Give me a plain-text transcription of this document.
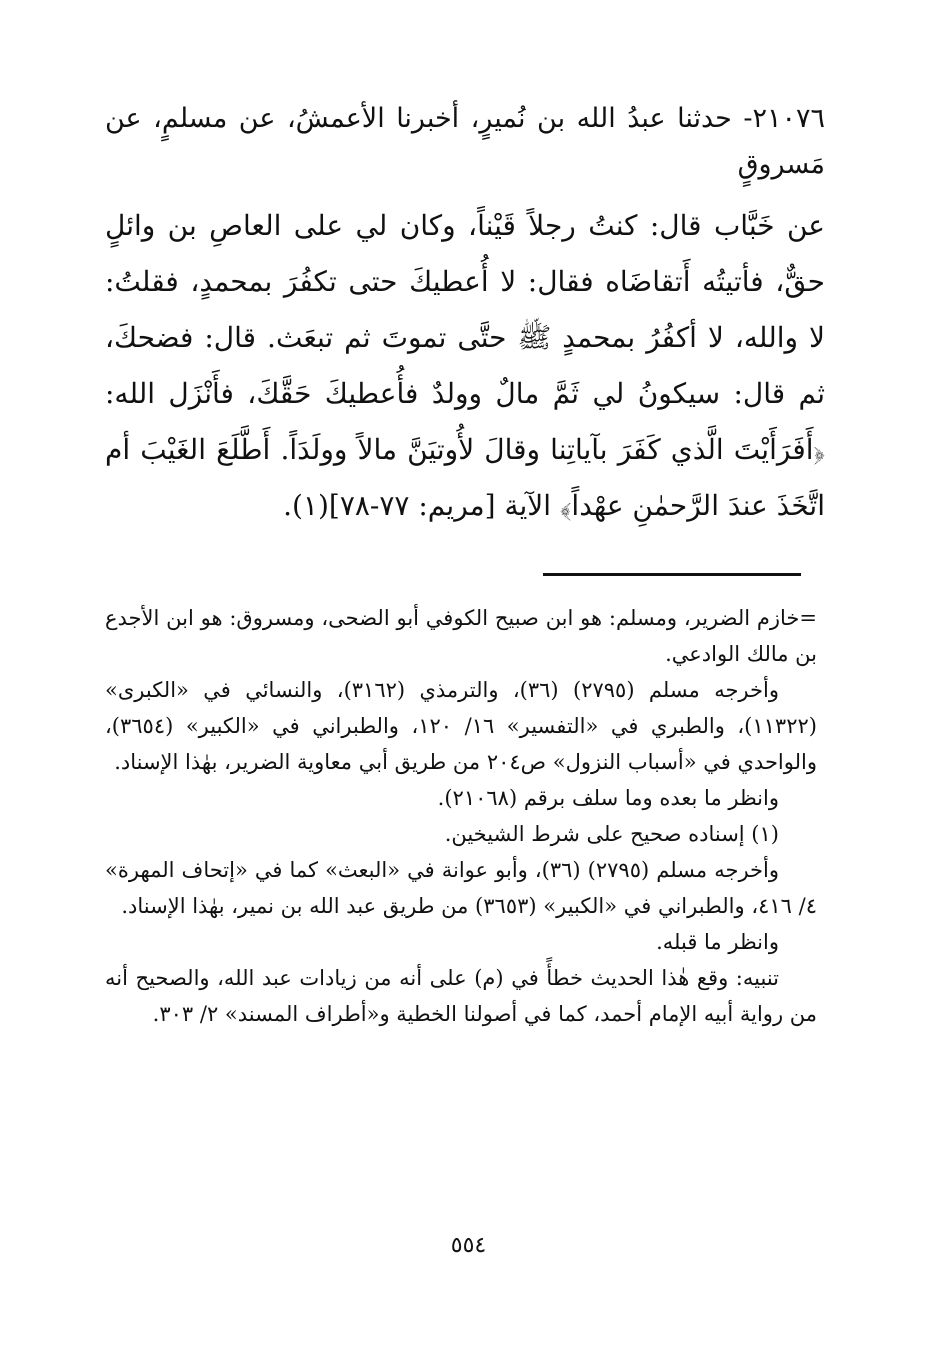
٢١٠٧٦- حدثنا عبدُ الله بن نُميرٍ، أخبرنا الأعمشُ، عن مسلمٍ، عن مَسروقٍ
عن خَبَّاب قال: كنتُ رجلاً قَيْناً، وكان لي على العاصِ بن وائلٍ حقٌّ، فأتيتُه أَتقاضَاه فقال: لا أُعطيكَ حتى تكفُرَ بمحمدٍ، فقلتُ: لا والله، لا أكفُرُ بمحمدٍ ﷺ حتَّى تموتَ ثم تبعَث. قال: فضحكَ، ثم قال: سيكونُ لي ثَمَّ مالٌ وولدٌ فأُعطيكَ حَقَّكَ، فأَنْزَل الله: ﴿أَفَرَأَيْتَ الَّذي كَفَرَ بآياتِنا وقالَ لأُوتيَنَّ مالاً وولَدَاً. أَطَّلَعَ الغَيْبَ أم اتَّخَذَ عندَ الرَّحمٰنِ عهْداً﴾ الآية [مريم: ٧٧-٧٨](١).

=خازم الضرير، ومسلم: هو ابن صبيح الكوفي أبو الضحى، ومسروق: هو ابن الأجدع بن مالك الوادعي.

وأخرجه مسلم (٢٧٩٥) (٣٦)، والترمذي (٣١٦٢)، والنسائي في «الكبرى» (١١٣٢٢)، والطبري في «التفسير» ١٦/ ١٢٠، والطبراني في «الكبير» (٣٦٥٤)، والواحدي في «أسباب النزول» ص٢٠٤ من طريق أبي معاوية الضرير، بهٰذا الإسناد.

وانظر ما بعده وما سلف برقم (٢١٠٦٨).

(١) إسناده صحيح على شرط الشيخين.

وأخرجه مسلم (٢٧٩٥) (٣٦)، وأبو عوانة في «البعث» كما في «إتحاف المهرة» ٤/ ٤١٦، والطبراني في «الكبير» (٣٦٥٣) من طريق عبد الله بن نمير، بهٰذا الإسناد.

وانظر ما قبله.

تنبيه: وقع هٰذا الحديث خطأً في (م) على أنه من زيادات عبد الله، والصحيح أنه من رواية أبيه الإمام أحمد، كما في أصولنا الخطية و«أطراف المسند» ٢/ ٣٠٣.

٥٥٤
